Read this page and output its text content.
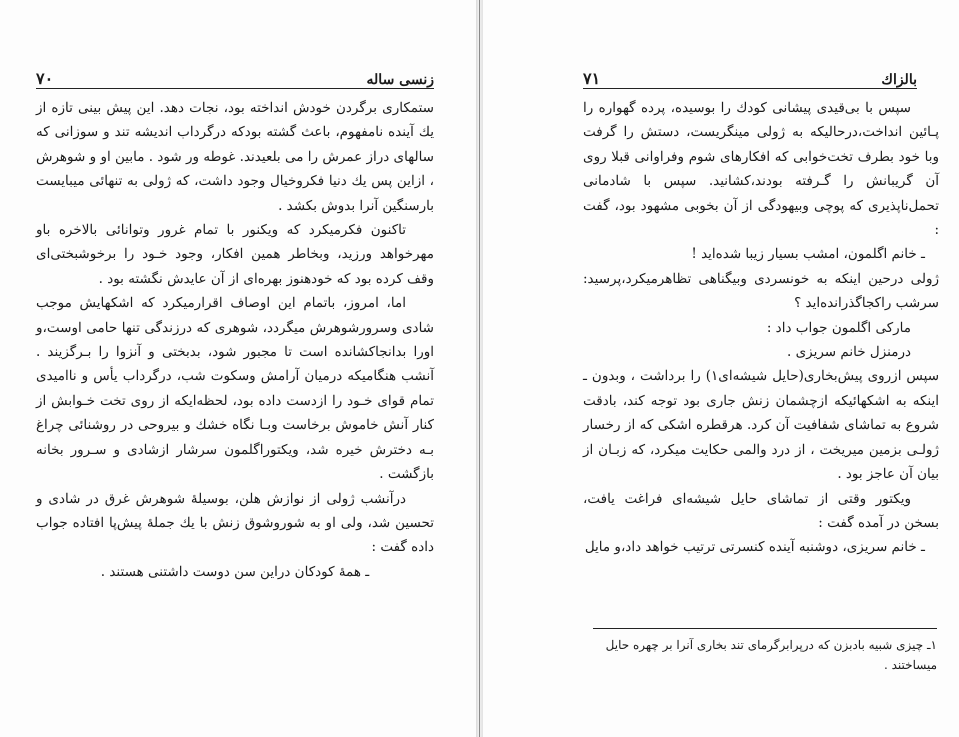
زنسی ساله
۷۰

ستمکاری برگردن خودش انداخته بود، نجات دهد. این پیش بینی تازه از یك آینده نامفهوم، باعث گشته بودکه درگرداب اندیشه تند و سوزانی که سالهای دراز عمرش را می بلعیدند. غوطه ور شود . مابین او و شوهرش ، ازاین پس یك دنیا فکروخیال وجود داشت، که ژولی به تنهائی میبایست بارسنگین آنرا بدوش بکشد .

تاکنون فکرمیکرد که ویکنور با تمام غرور وتوانائی بالاخره باو مهرخواهد ورزید، وبخاطر همین افکار، وجود خـود را برخوشبختی‌ای وقف کرده بود که خودهنوز بهره‌ای از آن عایدش نگشته بود .

اما، امروز، باتمام این اوصاف اقرارمیکرد که اشکهایش موجب شادی وسرورشوهرش میگردد، شوهری که درزندگی تنها حامی اوست،و اورا بدانجاکشانده است تا مجبور شود، بدبختی و آنزوا را بـرگزیند . آنشب هنگامیکه درمیان آرامش وسکوت شب، درگرداب یأس و ناامیدی تمام قوای خـود را ازدست داده بود، لحظه‌ایکه از روی تخت خـوابش از کنار آنش خاموش برخاست وبـا نگاه خشك و بیروحی در روشنائی چراغ بـه دخترش خیره شد، ویکتوراگلمون سرشار ازشادی و سـرور بخانه بازگشت .

درآنشب ژولی از نوازش هلن، بوسیلهٔ شوهرش غرق در شادی و تحسین شد، ولی او به شوروشوق زنش با یك جملهٔ پیش‌پا افتاده جواب داده گفت :

ـ همهٔ کودکان دراین سن دوست داشتنی هستند .

بالزاك
۷۱

سپس با بی‌قیدی پیشانی کودك را بوسیده، پرده گهواره را پـائین انداخت،درحالیکه به ژولی مینگریست، دستش را گرفت وبا خود بطرف تخت‌خوابی که افکارهای شوم وفراوانی قبلا روی آن گریبانش را گـرفته بودند،کشانید. سپس با شادمانی تحمل‌ناپذیری که پوچی وبیهودگی از آن بخوبی مشهود بود، گفت :

ـ خانم اگلمون، امشب بسیار زیبا شده‌اید !

ژولی درحین اینکه به خونسردی وبیگناهی تظاهرمیکرد،پرسید: سرشب راکجاگذرانده‌اید ؟

مارکی اگلمون جواب داد :

درمنزل خانم سریزی .

سپس ازروی پیش‌بخاری(حایل شیشه‌ای۱) را برداشت ، وبدون ـ اینکه به اشکهائیکه ازچشمان زنش جاری بود توجه کند، بادقت شروع به تماشای شفافیت آن کرد. هرقطره اشکی که از رخسار ژولـی بزمین میریخت ، از درد والمی حکایت میکرد، که زبـان از بیان آن عاجز بود .

ویکتور وقتی از تماشای حایل شیشه‌ای فراغت یافت، بسخن در آمده گفت :

ـ خانم سریزی، دوشنبه آینده کنسرتی ترتیب خواهد داد،و مایل

۱ـ چیزی شبیه بادبزن که درپرابرگرمای تند بخاری آنرا بر چهره حایل میساختند .
